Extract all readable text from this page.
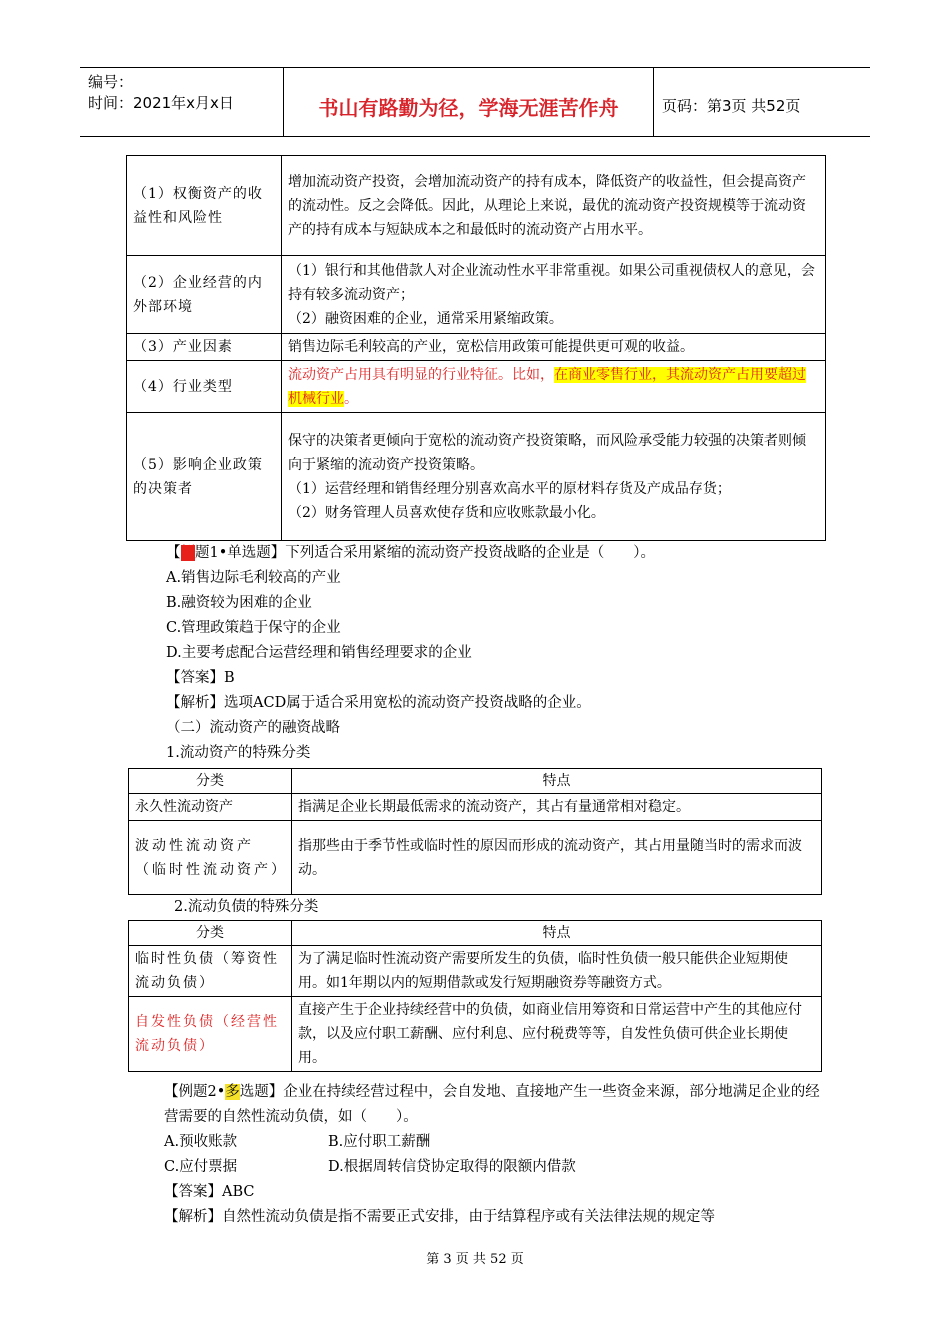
编号：
时间：2021年x月x日	书山有路勤为径，学海无涯苦作舟	页码：第3页 共52页
（1）权衡资产的收益性和风险性	增加流动资产投资，会增加流动资产的持有成本，降低资产的收益性，但会提高资产的流动性。反之会降低。因此，从理论上来说，最优的流动资产投资规模等于流动资产的持有成本与短缺成本之和最低时的流动资产占用水平。
（2）企业经营的内外部环境	（1）银行和其他借款人对企业流动性水平非常重视。如果公司重视债权人的意见，会持有较多流动资产；
（2）融资困难的企业，通常采用紧缩政策。

（3）产业因素	销售边际毛利较高的产业，宽松信用政策可能提供更可观的收益。
（4）行业类型	流动资产占用具有明显的行业特征。比如，在商业零售行业，其流动资产占用要超过机械行业。
（5）影响企业政策的决策者	保守的决策者更倾向于宽松的流动资产投资策略，而风险承受能力较强的决策者则倾向于紧缩的流动资产投资策略。
（1）运营经理和销售经理分别喜欢高水平的原材料存货及产成品存货；
（2）财务管理人员喜欢使存货和应收账款最小化。

【例题1•单选题】下列适合采用紧缩的流动资产投资战略的企业是（　　）。

A.销售边际毛利较高的产业

B.融资较为困难的企业

C.管理政策趋于保守的企业

D.主要考虑配合运营经理和销售经理要求的企业

【答案】B

【解析】选项ACD属于适合采用宽松的流动资产投资战略的企业。

（二）流动资产的融资战略

1.流动资产的特殊分类

分类	特点
永久性流动资产	指满足企业长期最低需求的流动资产，其占有量通常相对稳定。
波动性流动资产（临时性流动资产）	指那些由于季节性或临时性的原因而形成的流动资产，其占用量随当时的需求而波动。

2.流动负债的特殊分类

分类	特点
临时性负债（筹资性流动负债）	为了满足临时性流动资产需要所发生的负债，临时性负债一般只能供企业短期使用。如1年期以内的短期借款或发行短期融资券等融资方式。
自发性负债（经营性流动负债）	直接产生于企业持续经营中的负债，如商业信用筹资和日常运营中产生的其他应付款，以及应付职工薪酬、应付利息、应付税费等等，自发性负债可供企业长期使用。
【例题2•多选题】企业在持续经营过程中，会自发地、直接地产生一些资金来源，部分地满足企业的经营需要的自然性流动负债，如（　　）。
A.预收账款	B.应付职工薪酬
C.应付票据	D.根据周转信贷协定取得的限额内借款
【答案】ABC
【解析】自然性流动负债是指不需要正式安排，由于结算程序或有关法律法规的规定等
第 3 页 共 52 页
